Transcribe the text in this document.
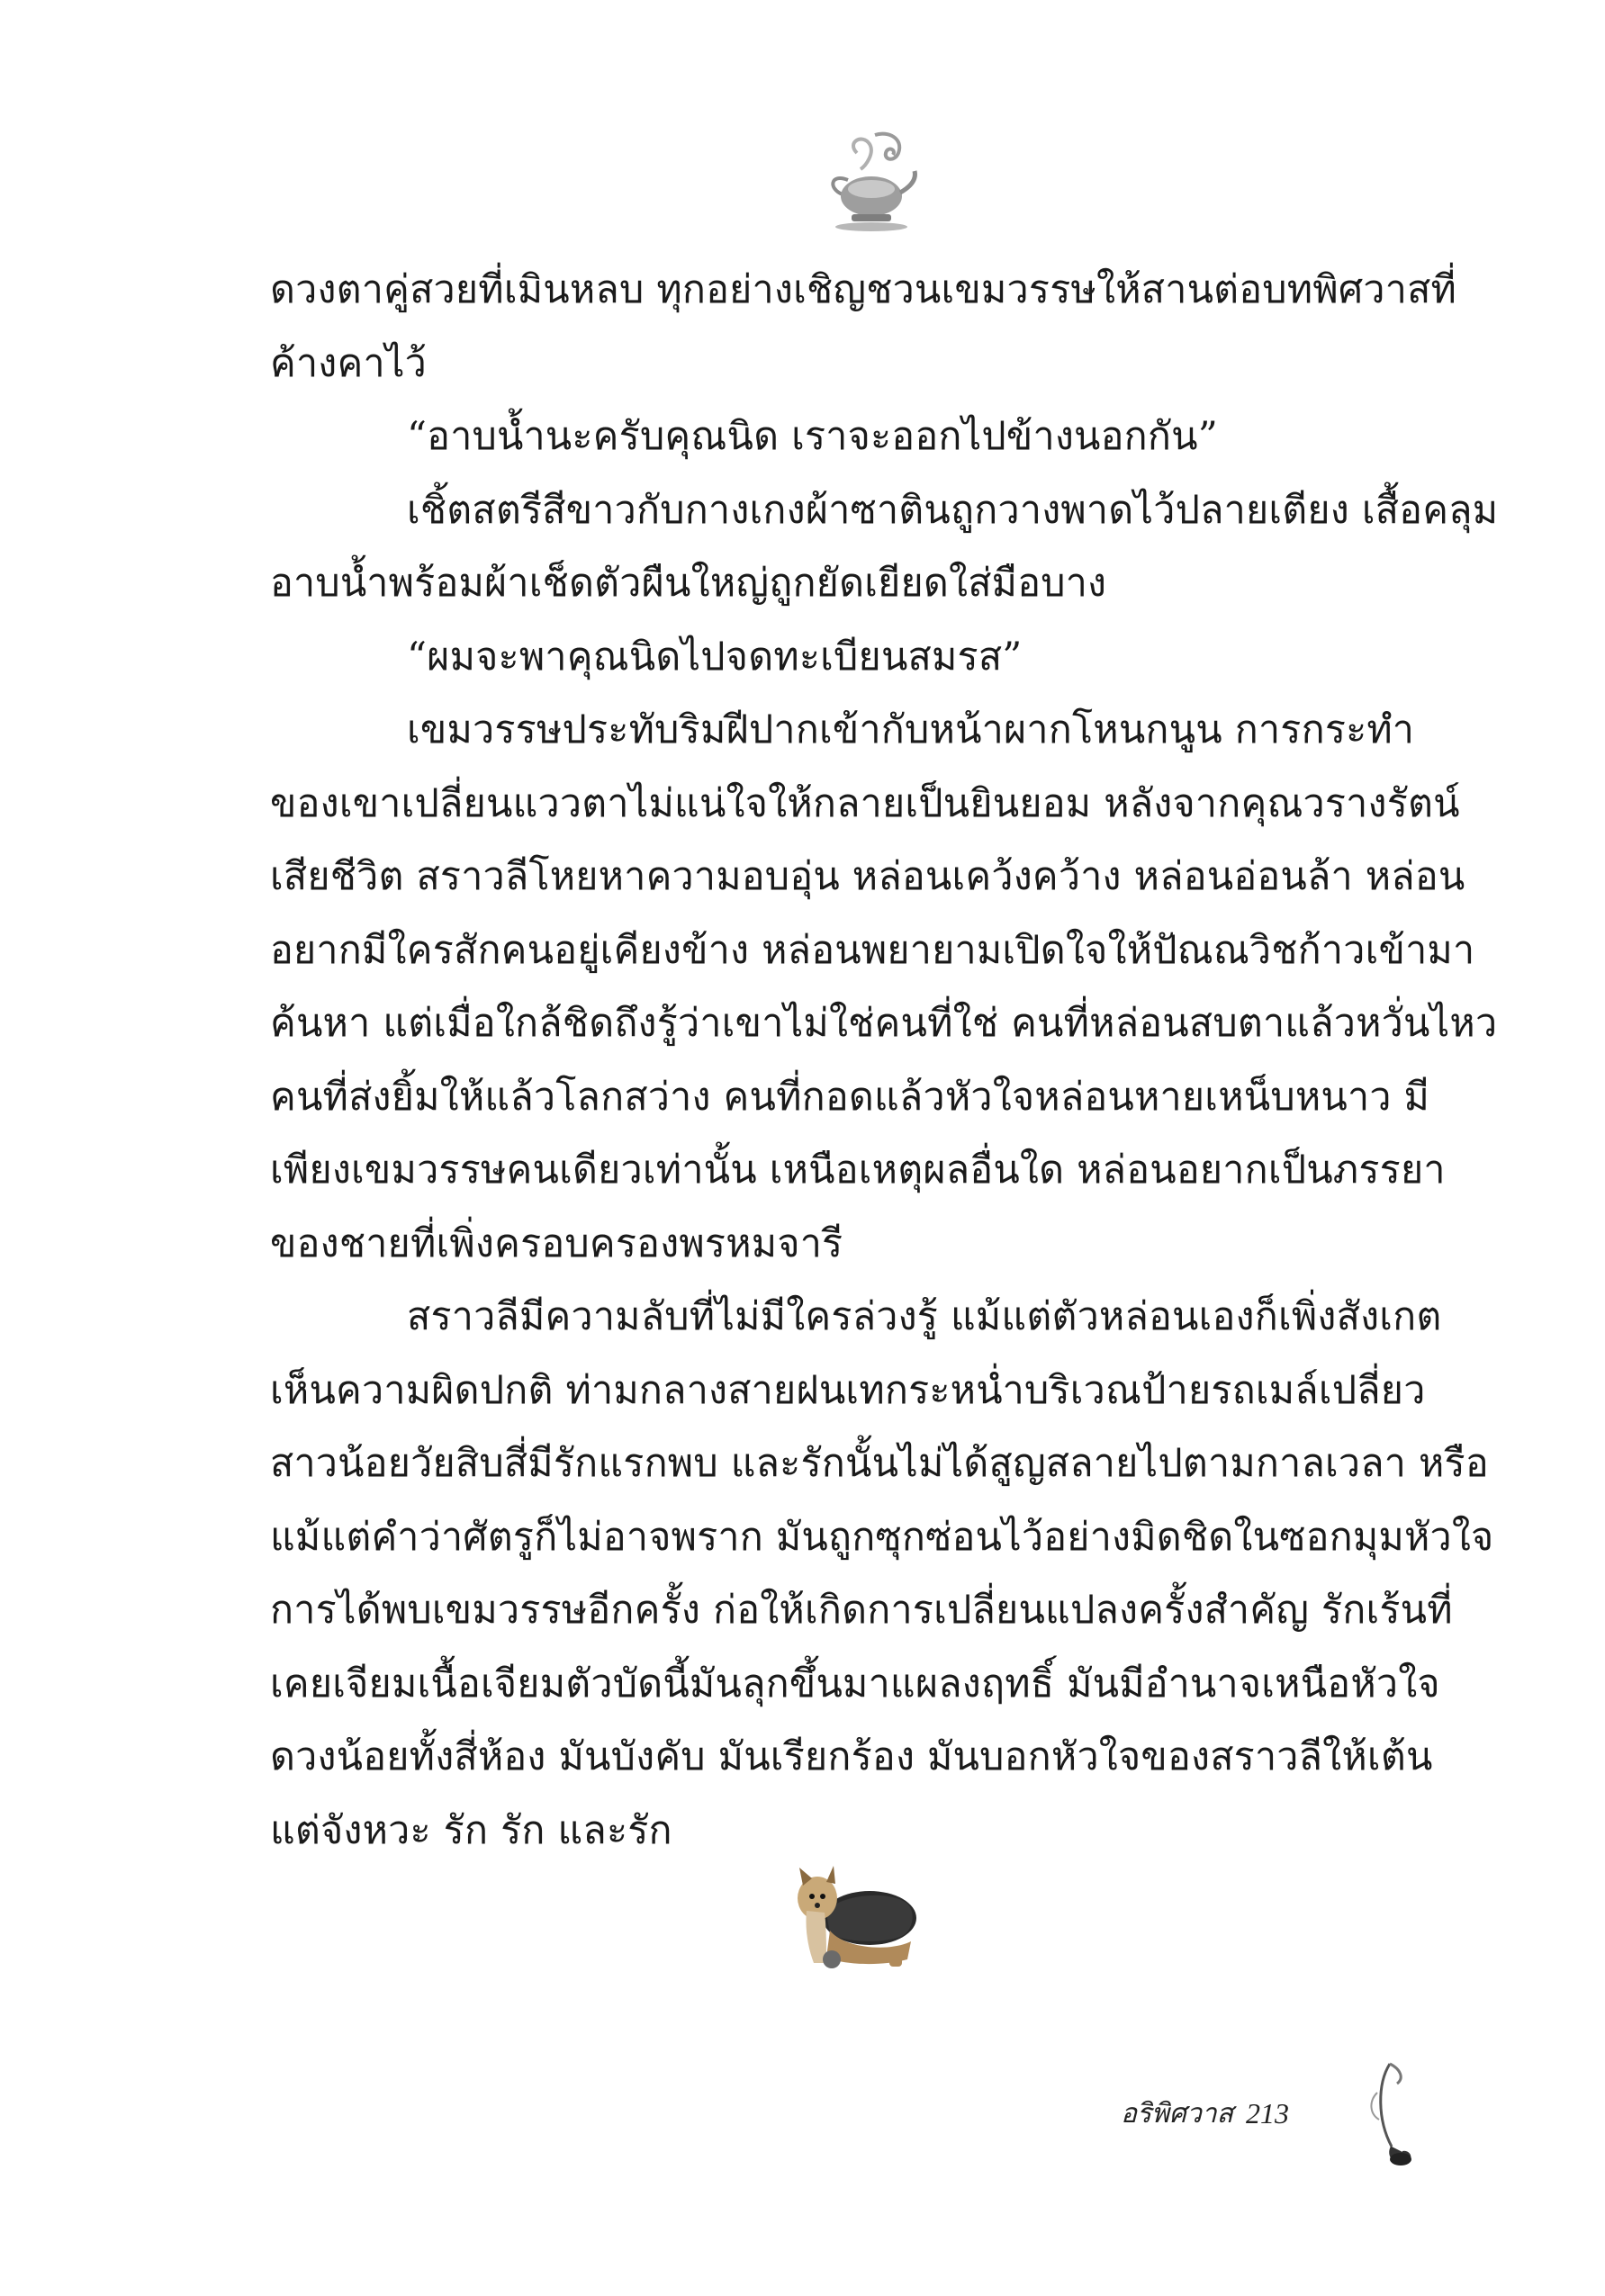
ดวงตาคู่สวยที่เมินหลบ ทุกอย่างเชิญชวนเขมวรรษให้สานต่อบทพิศวาสที่
ค้างคาไว้
“อาบน้ำนะครับคุณนิด เราจะออกไปข้างนอกกัน”
เชิ้ตสตรีสีขาวกับกางเกงผ้าซาตินถูกวางพาดไว้ปลายเตียง เสื้อคลุม
อาบน้ำพร้อมผ้าเช็ดตัวผืนใหญ่ถูกยัดเยียดใส่มือบาง
“ผมจะพาคุณนิดไปจดทะเบียนสมรส”
เขมวรรษประทับริมฝีปากเข้ากับหน้าผากโหนกนูน การกระทำ
ของเขาเปลี่ยนแววตาไม่แน่ใจให้กลายเป็นยินยอม หลังจากคุณวรางรัตน์
เสียชีวิต สราวลีโหยหาความอบอุ่น หล่อนเคว้งคว้าง หล่อนอ่อนล้า หล่อน
อยากมีใครสักคนอยู่เคียงข้าง หล่อนพยายามเปิดใจให้ปัณณวิชก้าวเข้ามา
ค้นหา แต่เมื่อใกล้ชิดถึงรู้ว่าเขาไม่ใช่คนที่ใช่ คนที่หล่อนสบตาแล้วหวั่นไหว
คนที่ส่งยิ้มให้แล้วโลกสว่าง คนที่กอดแล้วหัวใจหล่อนหายเหน็บหนาว มี
เพียงเขมวรรษคนเดียวเท่านั้น เหนือเหตุผลอื่นใด หล่อนอยากเป็นภรรยา
ของชายที่เพิ่งครอบครองพรหมจารี
สราวลีมีความลับที่ไม่มีใครล่วงรู้ แม้แต่ตัวหล่อนเองก็เพิ่งสังเกต
เห็นความผิดปกติ ท่ามกลางสายฝนเทกระหน่ำบริเวณป้ายรถเมล์เปลี่ยว
สาวน้อยวัยสิบสี่มีรักแรกพบ และรักนั้นไม่ได้สูญสลายไปตามกาลเวลา หรือ
แม้แต่คำว่าศัตรูก็ไม่อาจพราก มันถูกซุกซ่อนไว้อย่างมิดชิดในซอกมุมหัวใจ
การได้พบเขมวรรษอีกครั้ง ก่อให้เกิดการเปลี่ยนแปลงครั้งสำคัญ รักเร้นที่
เคยเจียมเนื้อเจียมตัวบัดนี้มันลุกขึ้นมาแผลงฤทธิ์ มันมีอำนาจเหนือหัวใจ
ดวงน้อยทั้งสี่ห้อง มันบังคับ มันเรียกร้อง มันบอกหัวใจของสราวลีให้เต้น
แต่จังหวะ รัก รัก และรัก
อริพิศวาส 213
